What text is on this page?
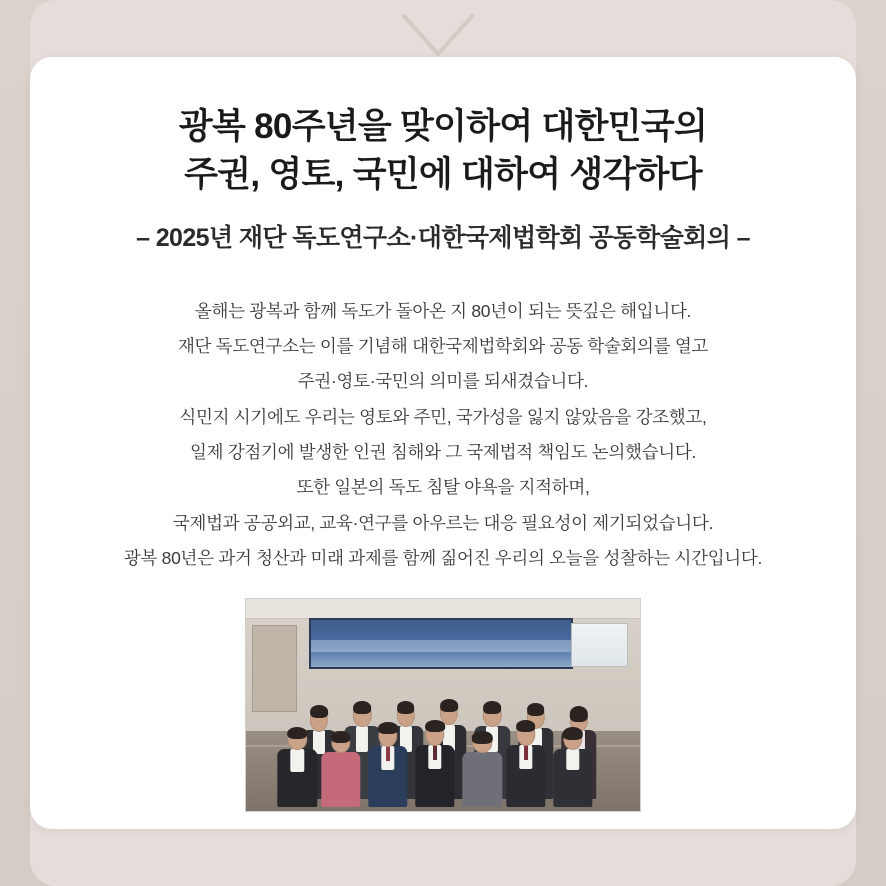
광복 80주년을 맞이하여 대한민국의
주권, 영토, 국민에 대하여 생각하다
– 2025년 재단 독도연구소·대한국제법학회 공동학술회의 –
올해는 광복과 함께 독도가 돌아온 지 80년이 되는 뜻깊은 해입니다.
재단 독도연구소는 이를 기념해 대한국제법학회와 공동 학술회의를 열고
주권·영토·국민의 의미를 되새겼습니다.
식민지 시기에도 우리는 영토와 주민, 국가성을 잃지 않았음을 강조했고,
일제 강점기에 발생한 인권 침해와 그 국제법적 책임도 논의했습니다.
또한 일본의 독도 침탈 야욕을 지적하며,
국제법과 공공외교, 교육·연구를 아우르는 대응 필요성이 제기되었습니다.
광복 80년은 과거 청산과 미래 과제를 함께 짊어진 우리의 오늘을 성찰하는 시간입니다.
